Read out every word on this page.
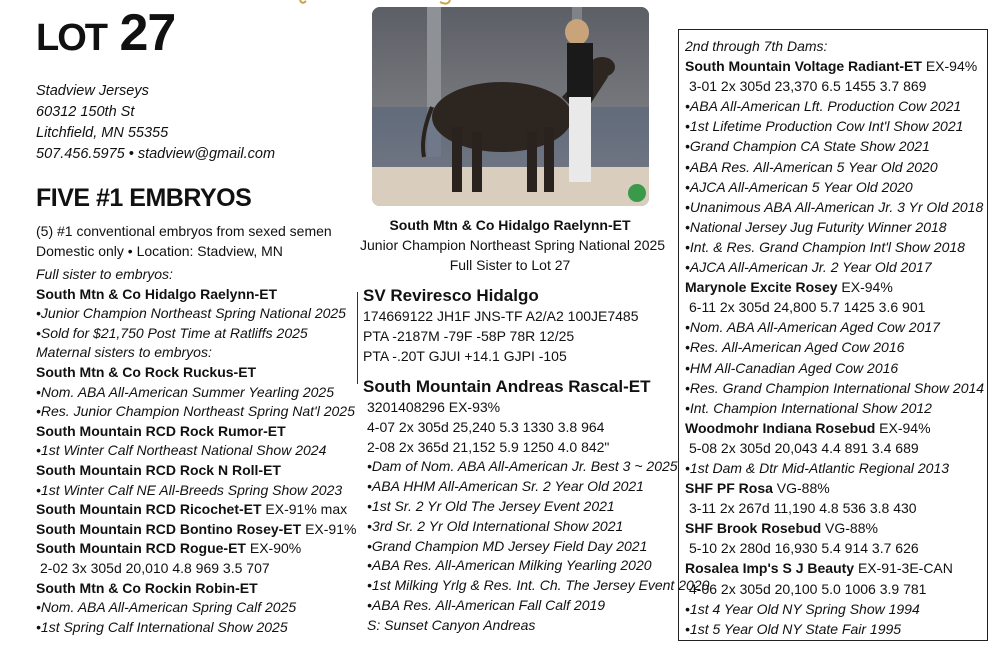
LOT 27
Stadview Jerseys
60312 150th St
Litchfield, MN 55355
507.456.5975 • stadview@gmail.com
FIVE #1 EMBRYOS
(5) #1 conventional embryos from sexed semen
Domestic only • Location: Stadview, MN
Full sister to embryos:
South Mtn & Co Hidalgo Raelynn-ET
•Junior Champion Northeast Spring National 2025
•Sold for $21,750 Post Time at Ratliffs 2025
Maternal sisters to embryos:
South Mtn & Co Rock Ruckus-ET
•Nom. ABA All-American Summer Yearling 2025
•Res. Junior Champion Northeast Spring Nat'l 2025
South Mountain RCD Rock Rumor-ET
•1st Winter Calf Northeast National Show 2024
South Mountain RCD Rock N Roll-ET
•1st Winter Calf NE All-Breeds Spring Show 2023
South Mountain RCD Ricochet-ET EX-91% max
South Mountain RCD Bontino Rosey-ET EX-91%
South Mountain RCD Rogue-ET EX-90%
2-02 3x 305d 20,010 4.8 969 3.5 707
South Mtn & Co Rockin Robin-ET
•Nom. ABA All-American Spring Calf 2025
•1st Spring Calf International Show 2025
South Mtn & Co Hidalgo Raelynn-ET
Junior Champion Northeast Spring National 2025
Full Sister to Lot 27
SV Reviresco Hidalgo
174669122 JH1F JNS-TF A2/A2 100JE7485
PTA -2187M -79F -58P 78R 12/25
PTA -.20T GJUI +14.1 GJPI -105
South Mountain Andreas Rascal-ET
3201408296 EX-93%
4-07 2x 305d 25,240 5.3 1330 3.8 964
2-08 2x 365d 21,152 5.9 1250 4.0 842"
•Dam of Nom. ABA All-American Jr. Best 3 ~ 2025
•ABA HHM All-American Sr. 2 Year Old 2021
•1st Sr. 2 Yr Old The Jersey Event 2021
•3rd Sr. 2 Yr Old International Show 2021
•Grand Champion MD Jersey Field Day 2021
•ABA Res. All-American Milking Yearling 2020
•1st Milking Yrlg & Res. Int. Ch. The Jersey Event 2020
•ABA Res. All-American Fall Calf 2019
S: Sunset Canyon Andreas
2nd through 7th Dams:
South Mountain Voltage Radiant-ET EX-94%
3-01 2x 305d 23,370 6.5 1455 3.7 869
•ABA All-American Lft. Production Cow 2021
•1st Lifetime Production Cow Int'l Show 2021
•Grand Champion CA State Show 2021
•ABA Res. All-American 5 Year Old 2020
•AJCA All-American 5 Year Old 2020
•Unanimous ABA All-American Jr. 3 Yr Old 2018
•National Jersey Jug Futurity Winner 2018
•Int. & Res. Grand Champion Int'l Show 2018
•AJCA All-American Jr. 2 Year Old 2017
Marynole Excite Rosey EX-94%
6-11 2x 305d 24,800 5.7 1425 3.6 901
•Nom. ABA All-American Aged Cow 2017
•Res. All-American Aged Cow 2016
•HM All-Canadian Aged Cow 2016
•Res. Grand Champion International Show 2014
•Int. Champion International Show 2012
Woodmohr Indiana Rosebud EX-94%
5-08 2x 305d 20,043 4.4 891 3.4 689
•1st Dam & Dtr Mid-Atlantic Regional 2013
SHF PF Rosa VG-88%
3-11 2x 267d 11,190 4.8 536 3.8 430
SHF Brook Rosebud VG-88%
5-10 2x 280d 16,930 5.4 914 3.7 626
Rosalea Imp's S J Beauty EX-91-3E-CAN
4-06 2x 305d 20,100 5.0 1006 3.9 781
•1st 4 Year Old NY Spring Show 1994
•1st 5 Year Old NY State Fair 1995
